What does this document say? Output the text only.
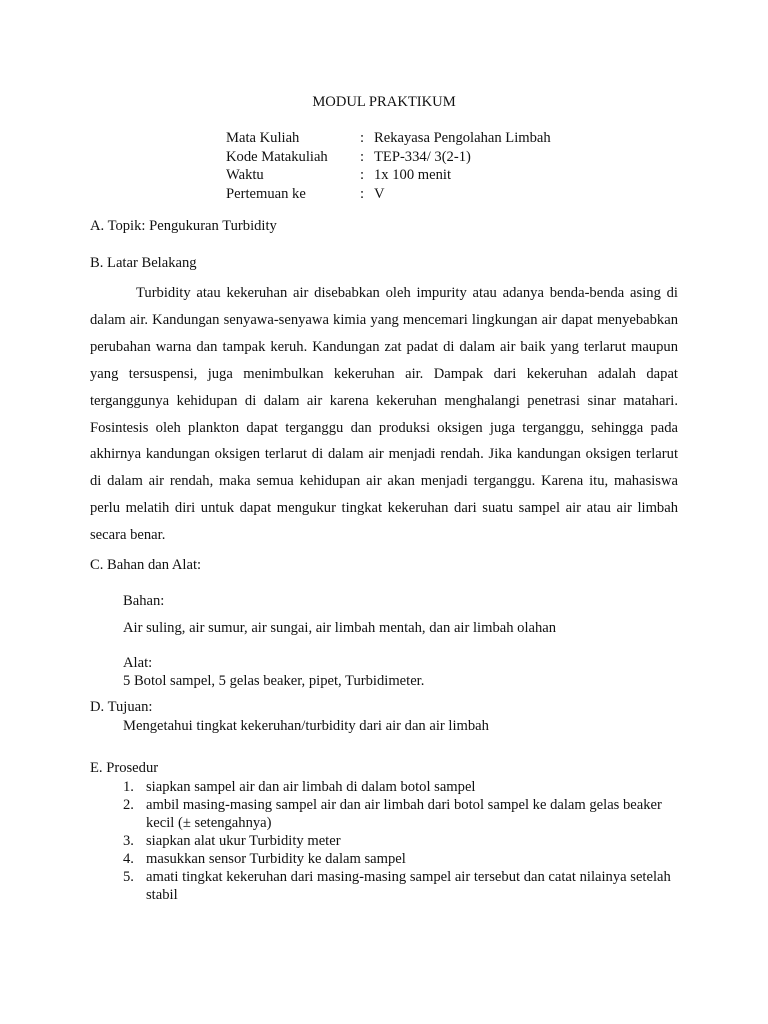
MODUL PRAKTIKUM
Mata Kuliah	: Rekayasa Pengolahan Limbah
Kode Matakuliah	: TEP-334/ 3(2-1)
Waktu	: 1x 100 menit
Pertemuan ke	: V
A. Topik: Pengukuran Turbidity
B. Latar Belakang
Turbidity atau kekeruhan air disebabkan oleh impurity atau adanya benda-benda asing di dalam air. Kandungan senyawa-senyawa kimia yang mencemari lingkungan air dapat menyebabkan perubahan warna dan tampak keruh. Kandungan zat padat di dalam air baik yang terlarut maupun yang tersuspensi, juga menimbulkan kekeruhan air. Dampak dari kekeruhan adalah dapat terganggunya kehidupan di dalam air karena kekeruhan menghalangi penetrasi sinar matahari. Fosintesis oleh plankton dapat terganggu dan produksi oksigen juga terganggu, sehingga pada akhirnya kandungan oksigen terlarut di dalam air menjadi rendah. Jika kandungan oksigen terlarut di dalam air rendah, maka semua kehidupan air akan menjadi terganggu. Karena itu, mahasiswa perlu melatih diri untuk dapat mengukur tingkat kekeruhan dari suatu sampel air atau air limbah secara benar.
C. Bahan dan Alat:
Bahan:
Air suling, air sumur, air sungai, air limbah mentah, dan air limbah olahan
Alat:
5 Botol sampel, 5 gelas beaker, pipet, Turbidimeter.
D. Tujuan:
Mengetahui tingkat kekeruhan/turbidity dari air dan air limbah
E. Prosedur
1. siapkan sampel air dan air limbah di dalam botol sampel
2. ambil masing-masing sampel air dan air limbah dari botol sampel ke dalam gelas beaker kecil (± setengahnya)
3. siapkan alat ukur Turbidity meter
4. masukkan sensor Turbidity ke dalam sampel
5. amati tingkat kekeruhan dari masing-masing sampel air tersebut dan catat nilainya setelah stabil
